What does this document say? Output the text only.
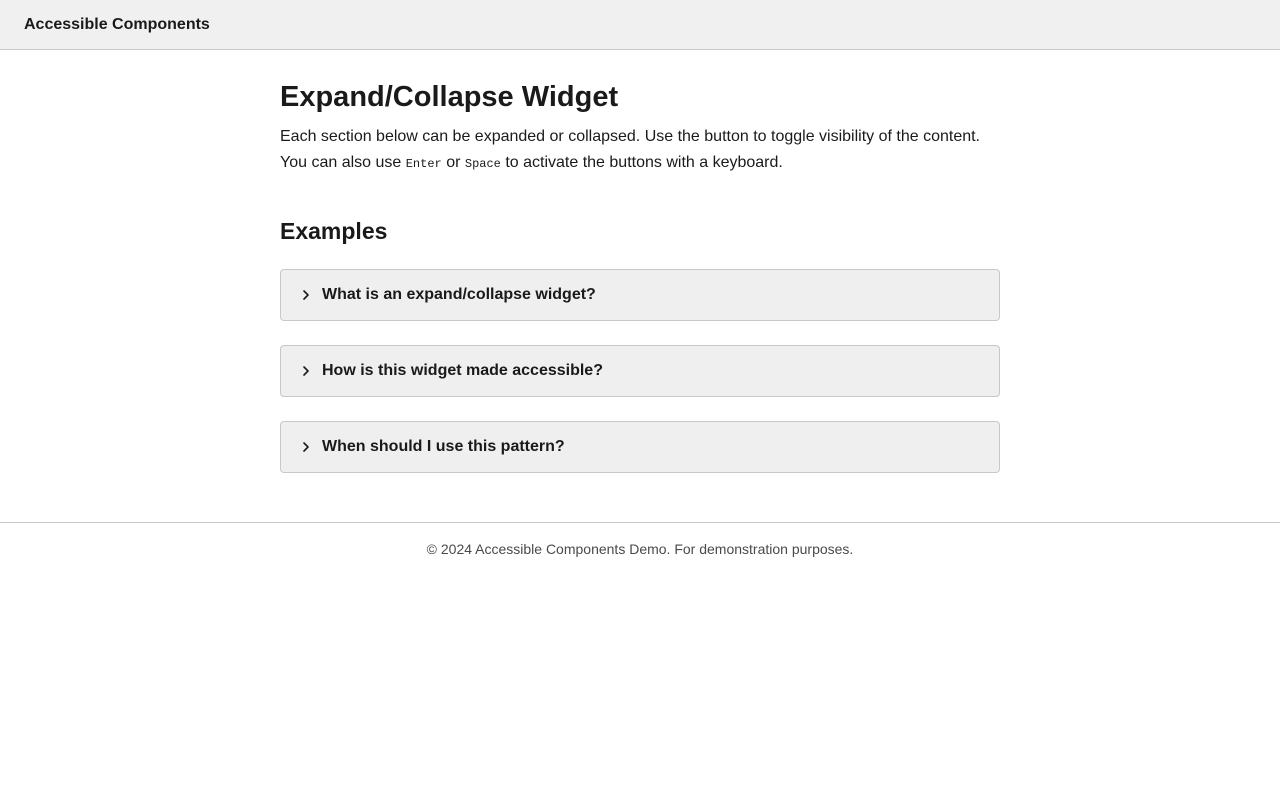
Accessible Components
Expand/Collapse Widget

Each section below can be expanded or collapsed. Use the button to toggle visibility of the content. You can also use Enter or Space to activate the buttons with a keyboard.

Examples
What is an expand/collapse widget?
How is this widget made accessible?
When should I use this pattern?
© 2024 Accessible Components Demo. For demonstration purposes.
